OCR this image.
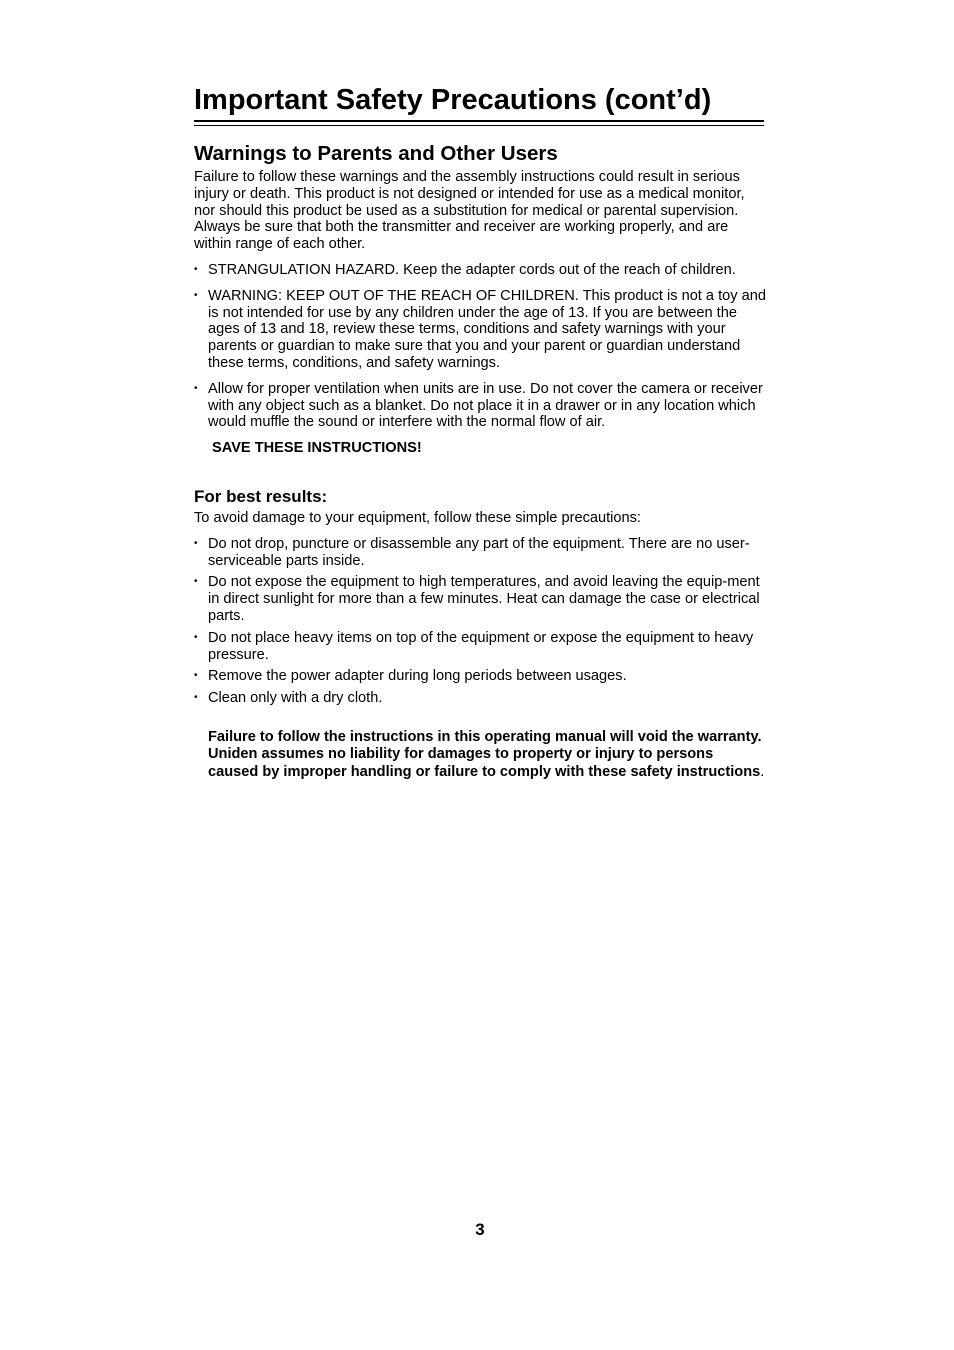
Important Safety Precautions (cont’d)
Warnings to Parents and Other Users

Failure to follow these warnings and the assembly instructions could result in serious injury or death. This product is not designed or intended for use as a medical monitor, nor should this product be used as a substitution for medical or parental supervision. Always be sure that both the transmitter and receiver are working properly, and are within range of each other.

• STRANGULATION HAZARD. Keep the adapter cords out of the reach of children.
• WARNING: KEEP OUT OF THE REACH OF CHILDREN. This product is not a toy and is not intended for use by any children under the age of 13. If you are between the ages of 13 and 18, review these terms, conditions and safety warnings with your parents or guardian to make sure that you and your parent or guardian understand these terms, conditions, and safety warnings.
• Allow for proper ventilation when units are in use. Do not cover the camera or receiver with any object such as a blanket. Do not place it in a drawer or in any location which would muffle the sound or interfere with the normal flow of air.

SAVE THESE INSTRUCTIONS!

For best results:

To avoid damage to your equipment, follow these simple precautions:

• Do not drop, puncture or disassemble any part of the equipment. There are no user-serviceable parts inside.
• Do not expose the equipment to high temperatures, and avoid leaving the equip-ment in direct sunlight for more than a few minutes. Heat can damage the case or electrical parts.
• Do not place heavy items on top of the equipment or expose the equipment to heavy pressure.
• Remove the power adapter during long periods between usages.
• Clean only with a dry cloth.

Failure to follow the instructions in this operating manual will void the warranty. Uniden assumes no liability for damages to property or injury to persons caused by improper handling or failure to comply with these safety instructions.

3
